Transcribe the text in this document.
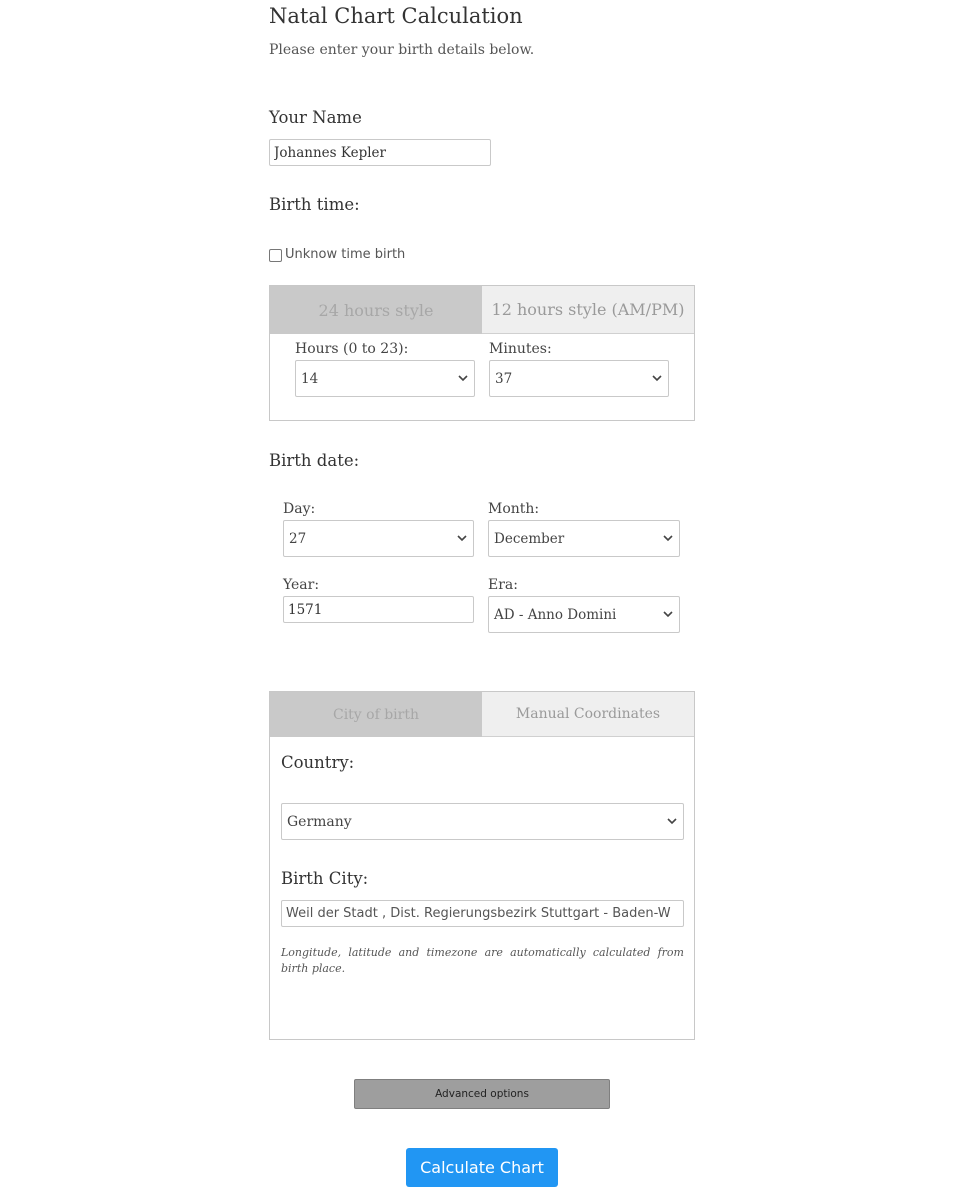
Natal Chart Calculation
Please enter your birth details below.
Your Name
Johannes Kepler
Birth time:
Unknow time birth
24 hours style	12 hours style (AM/PM)
Hours (0 to 23):
14
Minutes:
37
Birth date:
Day:
27
Month:
December
Year:
1571	Era:
AD - Anno Domini
City of birth	Manual Coordinates
Country:
Germany
Birth City:
Weil der Stadt , Dist. Regierungsbezirk Stuttgart - Baden-W
Longitude, latitude and timezone are automatically calculated from birth place.
Advanced options
Calculate Chart
